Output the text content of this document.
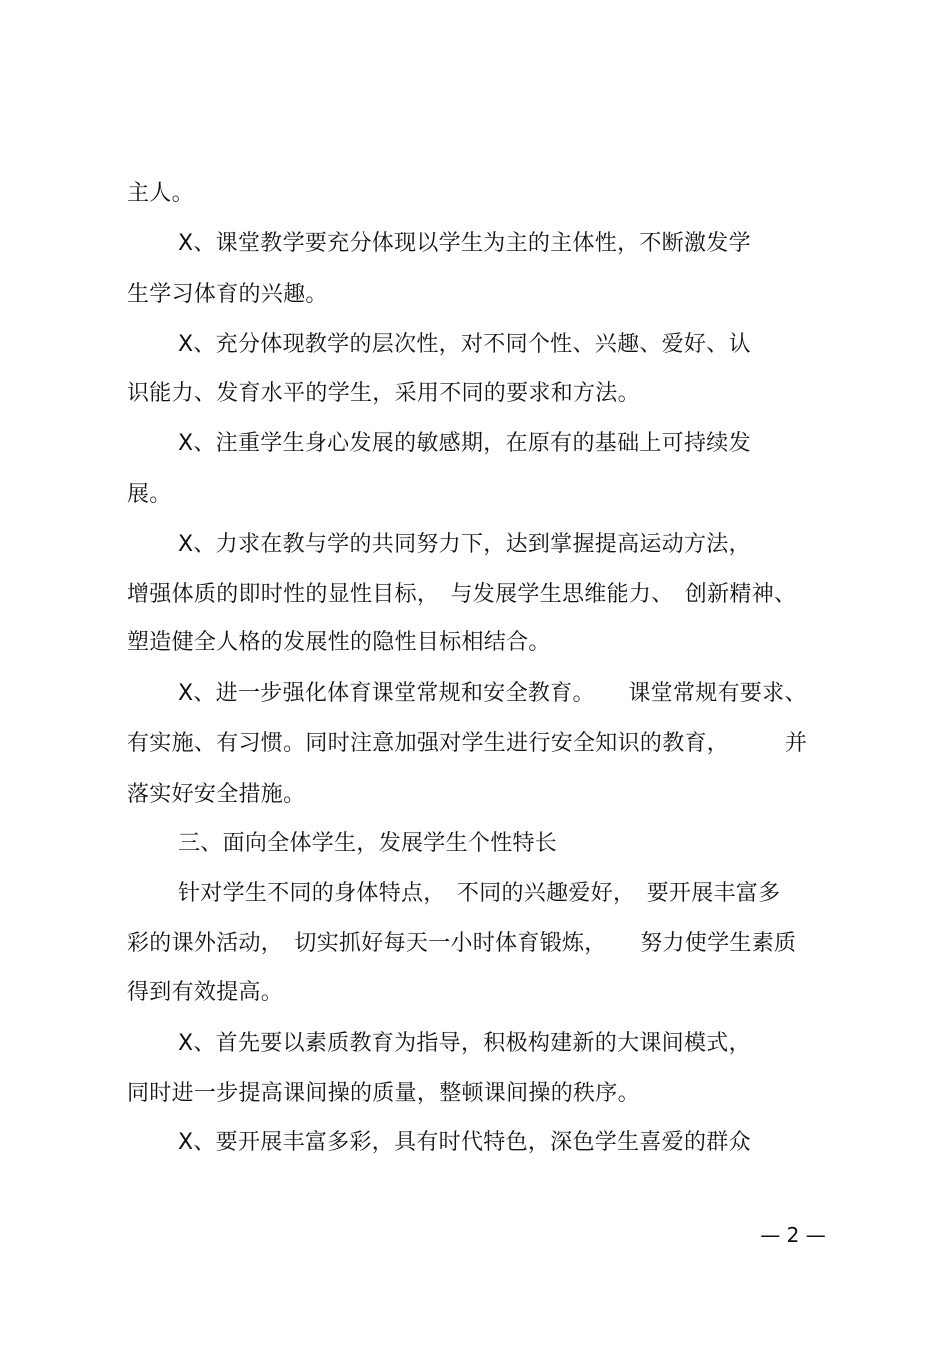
主人。
X、课堂教学要充分体现以学生为主的主体性，不断激发学
生学习体育的兴趣。
X、充分体现教学的层次性，对不同个性、兴趣、爱好、认
识能力、发育水平的学生，采用不同的要求和方法。
X、注重学生身心发展的敏感期，在原有的基础上可持续发
展。
X、力求在教与学的共同努力下，达到掌握提高运动方法，
增强体质的即时性的显性目标，　与发展学生思维能力、　创新精神、
塑造健全人格的发展性的隐性目标相结合。
X、进一步强化体育课堂常规和安全教育。　　课堂常规有要求、
有实施、有习惯。同时注意加强对学生进行安全知识的教育，　　　并
落实好安全措施。
三、面向全体学生，发展学生个性特长
针对学生不同的身体特点，　不同的兴趣爱好，　要开展丰富多
彩的课外活动，　切实抓好每天一小时体育锻炼，　　努力使学生素质
得到有效提高。
X、首先要以素质教育为指导，积极构建新的大课间模式，
同时进一步提高课间操的质量，整顿课间操的秩序。
X、要开展丰富多彩，具有时代特色，深色学生喜爱的群众
— 2 —
